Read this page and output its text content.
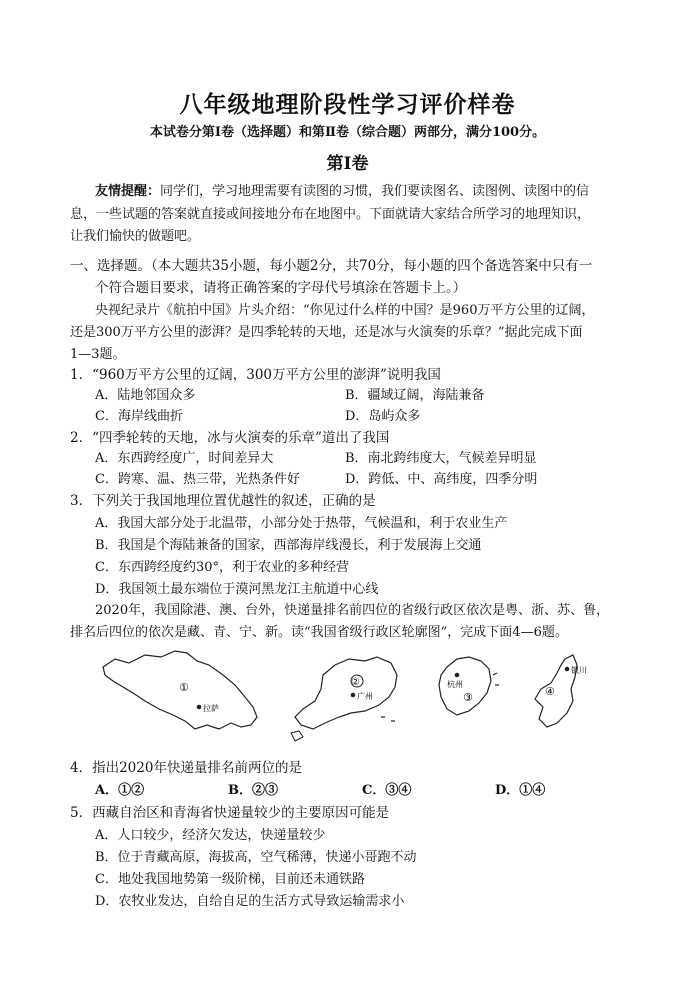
八年级地理阶段性学习评价样卷
本试卷分第Ⅰ卷（选择题）和第Ⅱ卷（综合题）两部分，满分100分。
第Ⅰ卷
友情提醒：同学们，学习地理需要有读图的习惯，我们要读图名、读图例、读图中的信
息，一些试题的答案就直接或间接地分布在地图中。下面就请大家结合所学习的地理知识，
让我们愉快的做题吧。
一、选择题。（本大题共35小题，每小题2分，共70分，每小题的四个备选答案中只有一
个符合题目要求，请将正确答案的字母代号填涂在答题卡上。）
央视纪录片《航拍中国》片头介绍：“你见过什么样的中国？是960万平方公里的辽阔，
还是300万平方公里的澎湃？是四季轮转的天地，还是冰与火演奏的乐章？”据此完成下面
1—3题。
1．“960万平方公里的辽阔，300万平方公里的澎湃”说明我国
A．陆地邻国众多	B．疆域辽阔，海陆兼备
C．海岸线曲折	D．岛屿众多
2．“四季轮转的天地，冰与火演奏的乐章”道出了我国
A．东西跨经度广，时间差异大	B．南北跨纬度大，气候差异明显
C．跨寒、温、热三带，光热条件好	D．跨低、中、高纬度，四季分明
3．下列关于我国地理位置优越性的叙述，正确的是
A．我国大部分处于北温带，小部分处于热带，气候温和，利于农业生产
B．我国是个海陆兼备的国家，西部海岸线漫长，利于发展海上交通
C．东西跨经度约30°，利于农业的多种经营
D．我国领土最东端位于漠河黑龙江主航道中心线
2020年，我国除港、澳、台外，快递量排名前四位的省级行政区依次是粤、浙、苏、鲁，
排名后四位的依次是藏、青、宁、新。读“我国省级行政区轮廓图”，完成下面4—6题。
①
拉萨
②
广州
杭州
③
银川
④
4．指出2020年快递量排名前两位的是
A．①②	B．②③	C．③④	D．①④
5．西藏自治区和青海省快递量较少的主要原因可能是
A．人口较少，经济欠发达，快递量较少
B．位于青藏高原，海拔高，空气稀薄，快递小哥跑不动
C．地处我国地势第一级阶梯，目前还未通铁路
D．农牧业发达，自给自足的生活方式导致运输需求小
